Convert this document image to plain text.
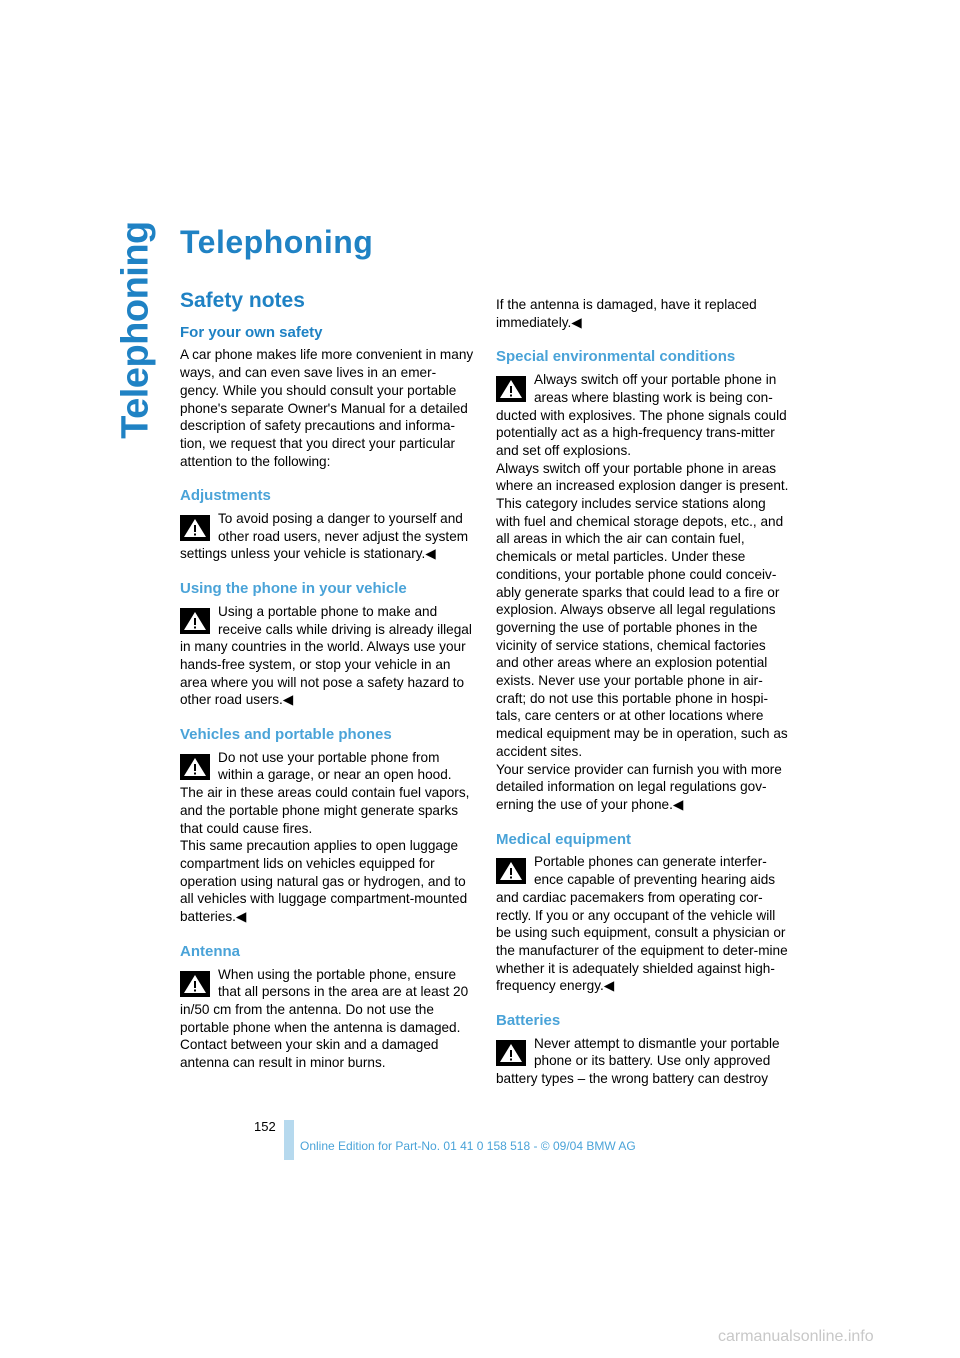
Telephoning Telephoning
Safety notes
For your own safety

A car phone makes life more convenient in many ways, and can even save lives in an emer-gency. While you should consult your portable phone's separate Owner's Manual for a detailed description of safety precautions and informa-tion, we request that you direct your particular attention to the following:

Adjustments

To avoid posing a danger to yourself and other road users, never adjust the system settings unless your vehicle is stationary.◀

Using the phone in your vehicle

Using a portable phone to make and receive calls while driving is already illegal in many countries in the world. Always use your hands-free system, or stop your vehicle in an area where you will not pose a safety hazard to other road users.◀

Vehicles and portable phones

Do not use your portable phone from within a garage, or near an open hood. The air in these areas could contain fuel vapors, and the portable phone might generate sparks that could cause fires.

This same precaution applies to open luggage compartment lids on vehicles equipped for operation using natural gas or hydrogen, and to all vehicles with luggage compartment-mounted batteries.◀

Antenna

When using the portable phone, ensure that all persons in the area are at least 20 in/50 cm from the antenna. Do not use the portable phone when the antenna is damaged. Contact between your skin and a damaged antenna can result in minor burns.

If the antenna is damaged, have it replaced immediately.◀

Special environmental conditions

Always switch off your portable phone in areas where blasting work is being con-ducted with explosives. The phone signals could potentially act as a high-frequency trans-mitter and set off explosions.

Always switch off your portable phone in areas where an increased explosion danger is present. This category includes service stations along with fuel and chemical storage depots, etc., and all areas in which the air can contain fuel, chemicals or metal particles. Under these conditions, your portable phone could conceiv-ably generate sparks that could lead to a fire or explosion. Always observe all legal regulations governing the use of portable phones in the vicinity of service stations, chemical factories and other areas where an explosion potential exists. Never use your portable phone in air-craft; do not use this portable phone in hospi-tals, care centers or at other locations where medical equipment may be in operation, such as accident sites.

Your service provider can furnish you with more detailed information on legal regulations gov-erning the use of your phone.◀

Medical equipment

Portable phones can generate interfer-ence capable of preventing hearing aids and cardiac pacemakers from operating cor-rectly. If you or any occupant of the vehicle will be using such equipment, consult a physician or the manufacturer of the equipment to deter-mine whether it is adequately shielded against high-frequency energy.◀

Batteries

Never attempt to dismantle your portable phone or its battery. Use only approved battery types – the wrong battery can destroy

152
Online Edition for Part-No. 01 41 0 158 518 - © 09/04 BMW AG
carmanualsonline.info
